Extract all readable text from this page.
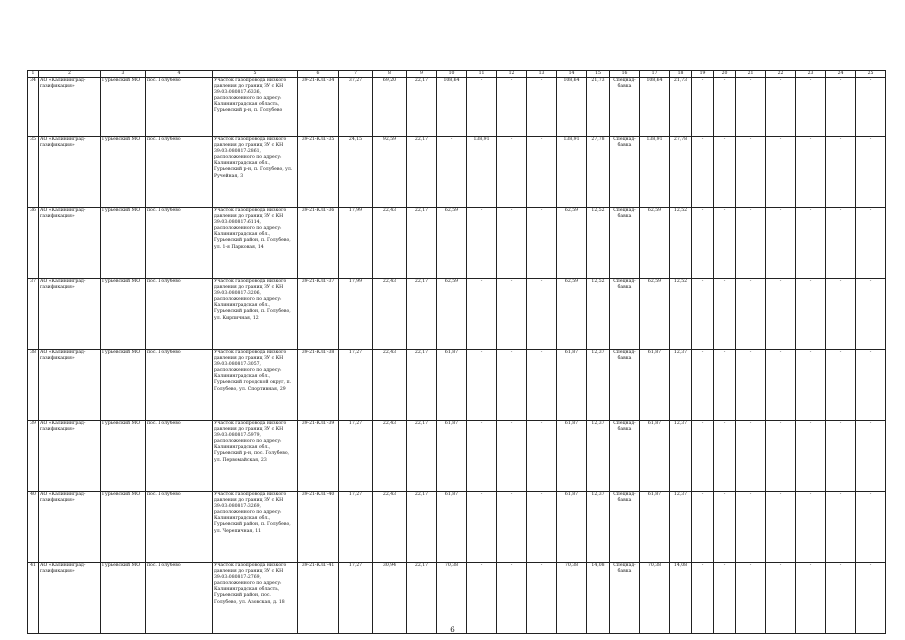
1	2	3	4	5	6	7	8	9	10	11	12	13	14	15	16	17	18	19	20	21	22	23	24	25
34	АО «Калининград-газификация»	Гурьевский МО	пос. Голубево	Участок газопровода низкого давления до границ ЗУ с КН 39:03:080817:6336, расположенного по адресу: Калининградская область, Гурьевский р-н, п. Голубево	39-21-КЛГ-34	37,27	69,20	22,17	108,64	-	-	-	108,64	21,73	Спецнад-бавка	108,64	21,73	-	-	-	-	-	-	-
35	АО «Калининград-газификация»	Гурьевский МО	пос. Голубево	Участок газопровода низкого давления до границ ЗУ с КН 39:03:080817:2861, расположенного по адресу: Калининградская обл., Гурьевский р-н, п. Голубево, ул. Ручейная, 3	39-21-КЛГ-35	24,15	92,59	22,17	-	138,91	-	-	138,91	27,78	Спецнад-бавка	138,91	27,78	-	-	-	-	-	-	-
36	АО «Калининград-газификация»	Гурьевский МО	пос. Голубево	Участок газопровода низкого давления до границ ЗУ с КН 39:03:080817:6114, расположенного по адресу: Калининградская обл., Гурьевский район, п. Голубево, ул. 1-я Парковая, 14	39-21-КЛГ-36	17,99	22,43	22,17	62,59	-	-	-	62,59	12,52	Спецнад-бавка	62,59	12,52	-	-	-	-	-	-	-
37	АО «Калининград-газификация»	Гурьевский МО	пос. Голубево	Участок газопровода низкого давления до границ ЗУ с КН 39:03:080817:3206, расположенного по адресу: Калининградская обл., Гурьевский район, п. Голубево, ул. Кирпичная, 12	39-21-КЛГ-37	17,99	22,43	22,17	62,59	-	-	-	62,59	12,52	Спецнад-бавка	62,59	12,52	-	-	-	-	-	-	-
38	АО «Калининград-газификация»	Гурьевский МО	пос. Голубево	Участок газопровода низкого давления до границ ЗУ с КН 39:03:080817:3057, расположенного по адресу: Калининградская обл., Гурьевский городской округ, п. Голубево, ул. Спортивная, 29	39-21-КЛГ-38	17,27	22,43	22,17	61,87	-	-	-	61,87	12,37	Спецнад-бавка	61,87	12,37	-	-	-	-	-	-	-
39	АО «Калининград-газификация»	Гурьевский МО	пос. Голубево	Участок газопровода низкого давления до границ ЗУ с КН 39:03:080817:5979, расположенного по адресу: Калининградская обл., Гурьевский р-н, пос. Голубево, ул. Первомайская, 23	39-21-КЛГ-39	17,27	22,43	22,17	61,87	-	-	-	61,87	12,37	Спецнад-бавка	61,87	12,37	-	-	-	-	-	-	-
40	АО «Калининград-газификация»	Гурьевский МО	пос. Голубево	Участок газопровода низкого давления до границ ЗУ с КН 39:03:080817:3269, расположенного по адресу: Калининградская обл., Гурьевский район, п. Голубево, ул. Черепичная, 11	39-21-КЛГ-40	17,27	22,43	22,17	61,87	-	-	-	61,87	12,37	Спецнад-бавка	61,87	12,37	-	-	-	-	-	-	-
41	АО «Калининград-газификация»	Гурьевский МО	пос. Голубево	Участок газопровода низкого давления до границ ЗУ с КН 39:03:080817:2769, расположенного по адресу: Калининградская область, Гурьевский район, пос. Голубево, ул. Азовская, д. 18	39-21-КЛГ-41	17,27	30,94	22,17	70,38	-	-	-	70,38	14,08	Спецнад-бавка	70,38	14,08	-	-	-	-	-	-	-
6
